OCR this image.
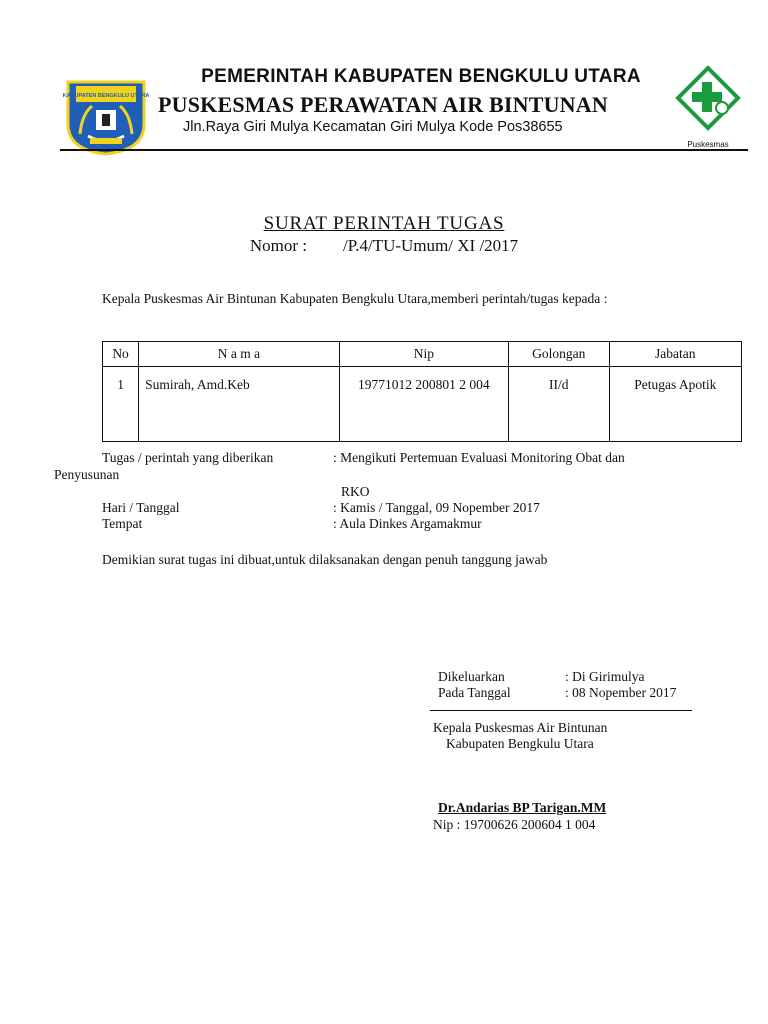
KABUPATEN BENGKULU UTARA
PEMERINTAH KABUPATEN BENGKULU UTARA
PUSKESMAS PERAWATAN AIR BINTUNAN
Jln.Raya Giri Mulya Kecamatan Giri Mulya Kode Pos38655
Puskesmas
SURAT PERINTAH TUGAS
Nomor : /P.4/TU-Umum/ XI /2017
Kepala Puskesmas Air Bintunan Kabupaten Bengkulu Utara,memberi perintah/tugas kepada :
No	N a m a	Nip	Golongan	Jabatan
1	Sumirah, Amd.Keb	19771012 200801 2 004	II/d	Petugas Apotik
Tugas / perintah yang diberikan	: Mengikuti Pertemuan Evaluasi Monitoring Obat dan
Penyusunan
RKO
Hari / Tanggal	: Kamis / Tanggal, 09 Nopember 2017
Tempat	: Aula Dinkes Argamakmur
Demikian surat tugas ini dibuat,untuk dilaksanakan dengan penuh tanggung jawab
Dikeluarkan	: Di Girimulya
Pada Tanggal	: 08 Nopember 2017
Kepala Puskesmas Air Bintunan
Kabupaten Bengkulu Utara
Dr.Andarias BP Tarigan.MM
Nip : 19700626 200604 1 004
